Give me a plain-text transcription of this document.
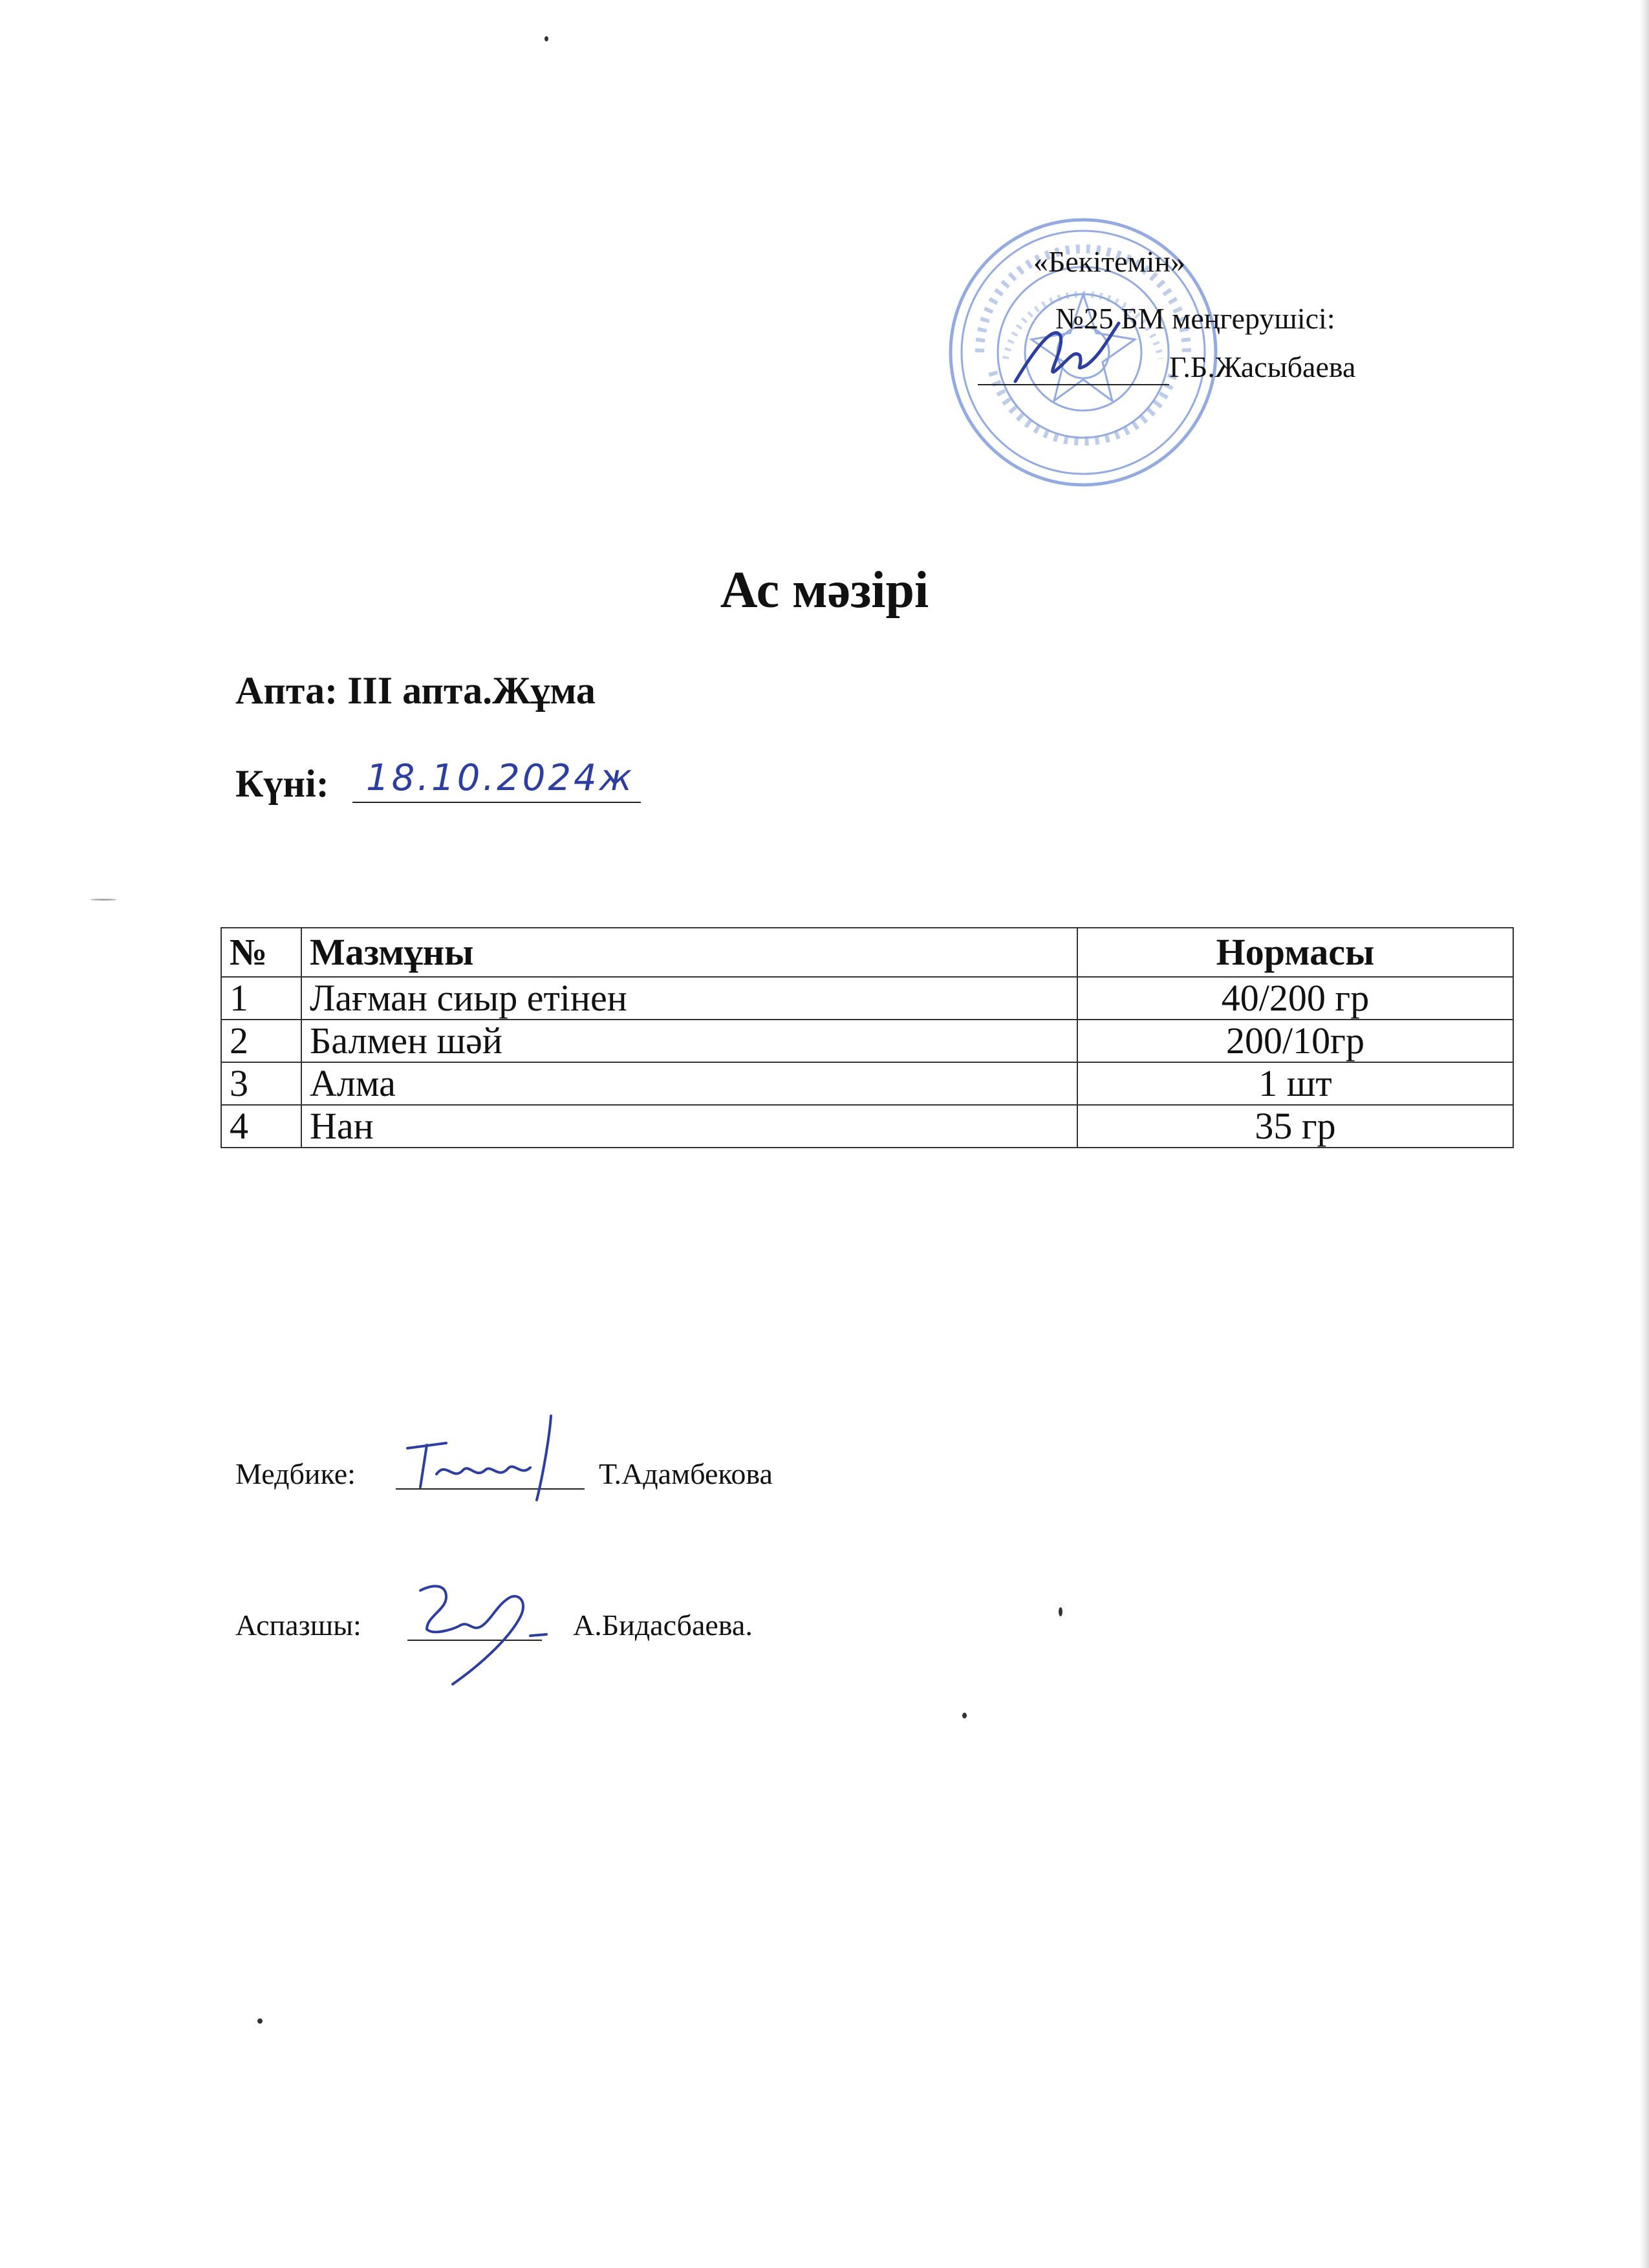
«Бекітемін»
№25 БМ меңгерушісі:
Г.Б.Жасыбаева
Ас мәзірі
Апта: III апта.Жұма
Күні: 18.10.2024ж
№	Мазмұны	Нормасы
1	Лағман сиыр етінен	40/200 гр
2	Балмен шәй	200/10гр
3	Алма	1 шт
4	Нан	35 гр
Медбике:	Т.Адамбекова
Аспазшы:	А.Бидасбаева.
